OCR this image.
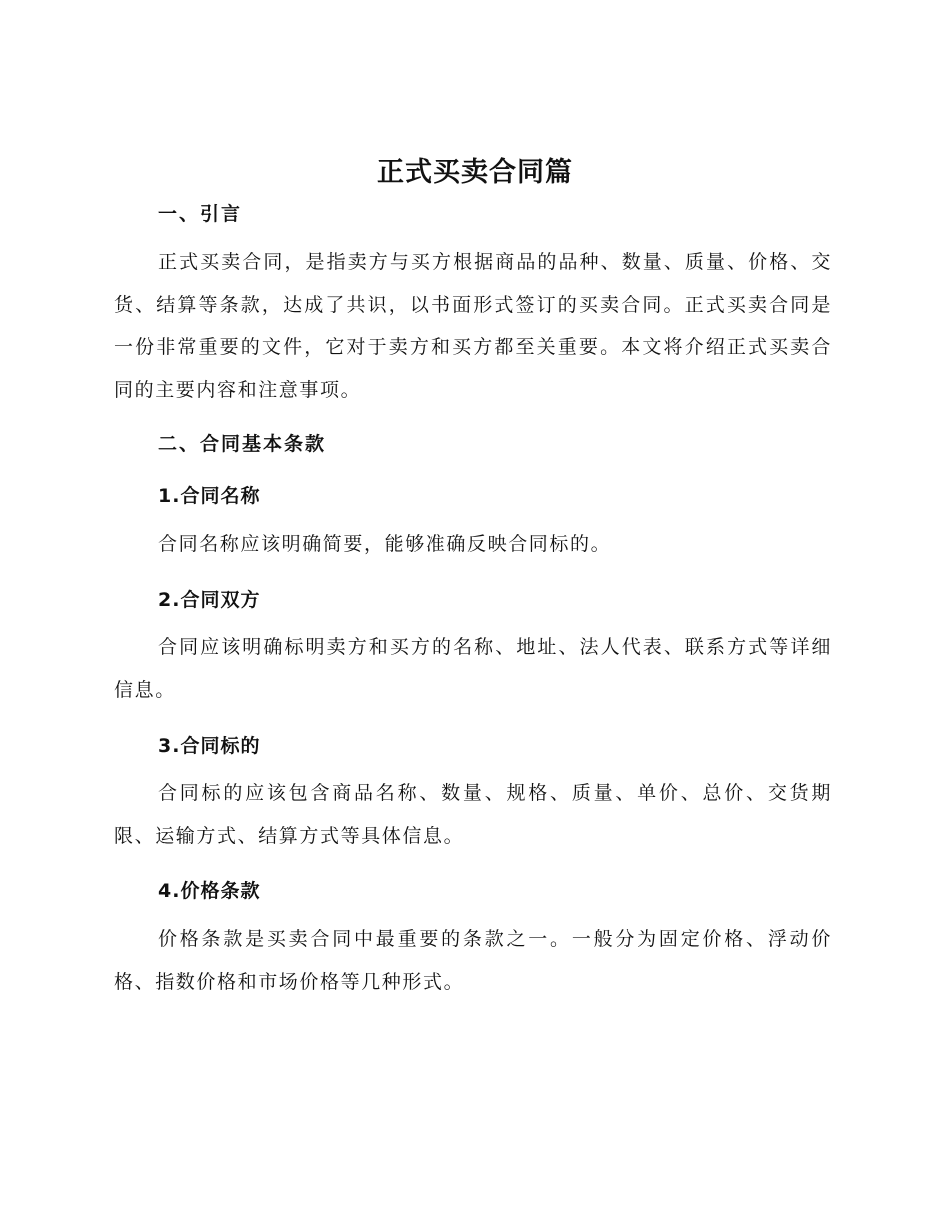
正式买卖合同篇
一、引言

正式买卖合同，是指卖方与买方根据商品的品种、数量、质量、价格、交货、结算等条款，达成了共识，以书面形式签订的买卖合同。正式买卖合同是一份非常重要的文件，它对于卖方和买方都至关重要。本文将介绍正式买卖合同的主要内容和注意事项。

二、合同基本条款
1.合同名称

合同名称应该明确简要，能够准确反映合同标的。

2.合同双方

合同应该明确标明卖方和买方的名称、地址、法人代表、联系方式等详细信息。

3.合同标的

合同标的应该包含商品名称、数量、规格、质量、单价、总价、交货期限、运输方式、结算方式等具体信息。

4.价格条款

价格条款是买卖合同中最重要的条款之一。一般分为固定价格、浮动价格、指数价格和市场价格等几种形式。
